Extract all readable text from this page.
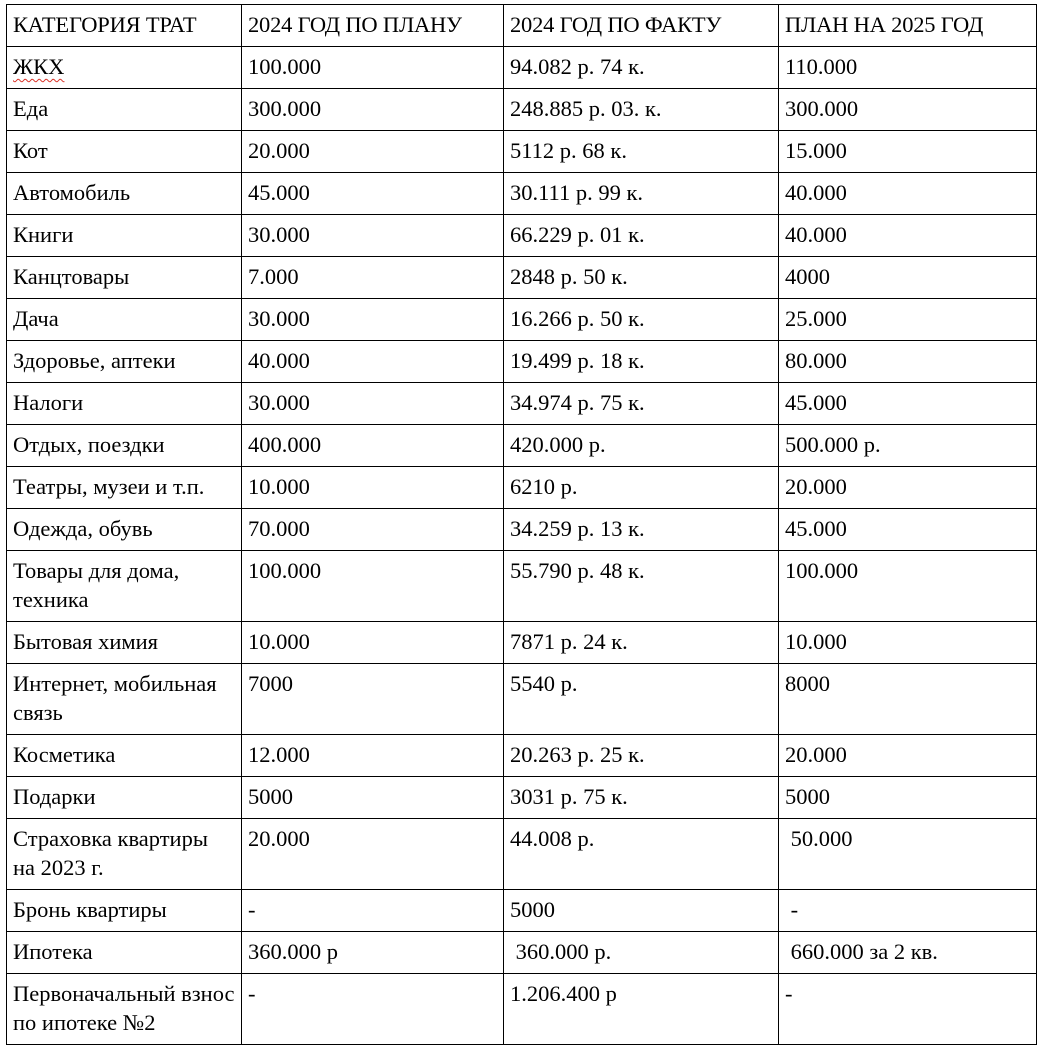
КАТЕГОРИЯ ТРАТ	2024 ГОД ПО ПЛАНУ	2024 ГОД ПО ФАКТУ	ПЛАН НА 2025 ГОД
ЖКХ	100.000	94.082 р. 74 к.	110.000
Еда	300.000	248.885 р. 03. к.	300.000
Кот	20.000	5112 р. 68 к.	15.000
Автомобиль	45.000	30.111 р. 99 к.	40.000
Книги	30.000	66.229 р. 01 к.	40.000
Канцтовары	7.000	2848 р. 50 к.	4000
Дача	30.000	16.266 р. 50 к.	25.000
Здоровье, аптеки	40.000	19.499 р. 18 к.	80.000
Налоги	30.000	34.974 р. 75 к.	45.000
Отдых, поездки	400.000	420.000 р.	500.000 р.
Театры, музеи и т.п.	10.000	6210 р.	20.000
Одежда, обувь	70.000	34.259 р. 13 к.	45.000
Товары для дома, техника	100.000	55.790 р. 48 к.	100.000
Бытовая химия	10.000	7871 р. 24 к.	10.000
Интернет, мобильная связь	7000	5540 р.	8000
Косметика	12.000	20.263 р. 25 к.	20.000
Подарки	5000	3031 р. 75 к.	5000
Страховка квартиры на 2023 г.	20.000	44.008 р.	50.000
Бронь квартиры	-	5000	-
Ипотека	360.000 р	360.000 р.	660.000 за 2 кв.
Первоначальный взнос по ипотеке №2	-	1.206.400 р	-
